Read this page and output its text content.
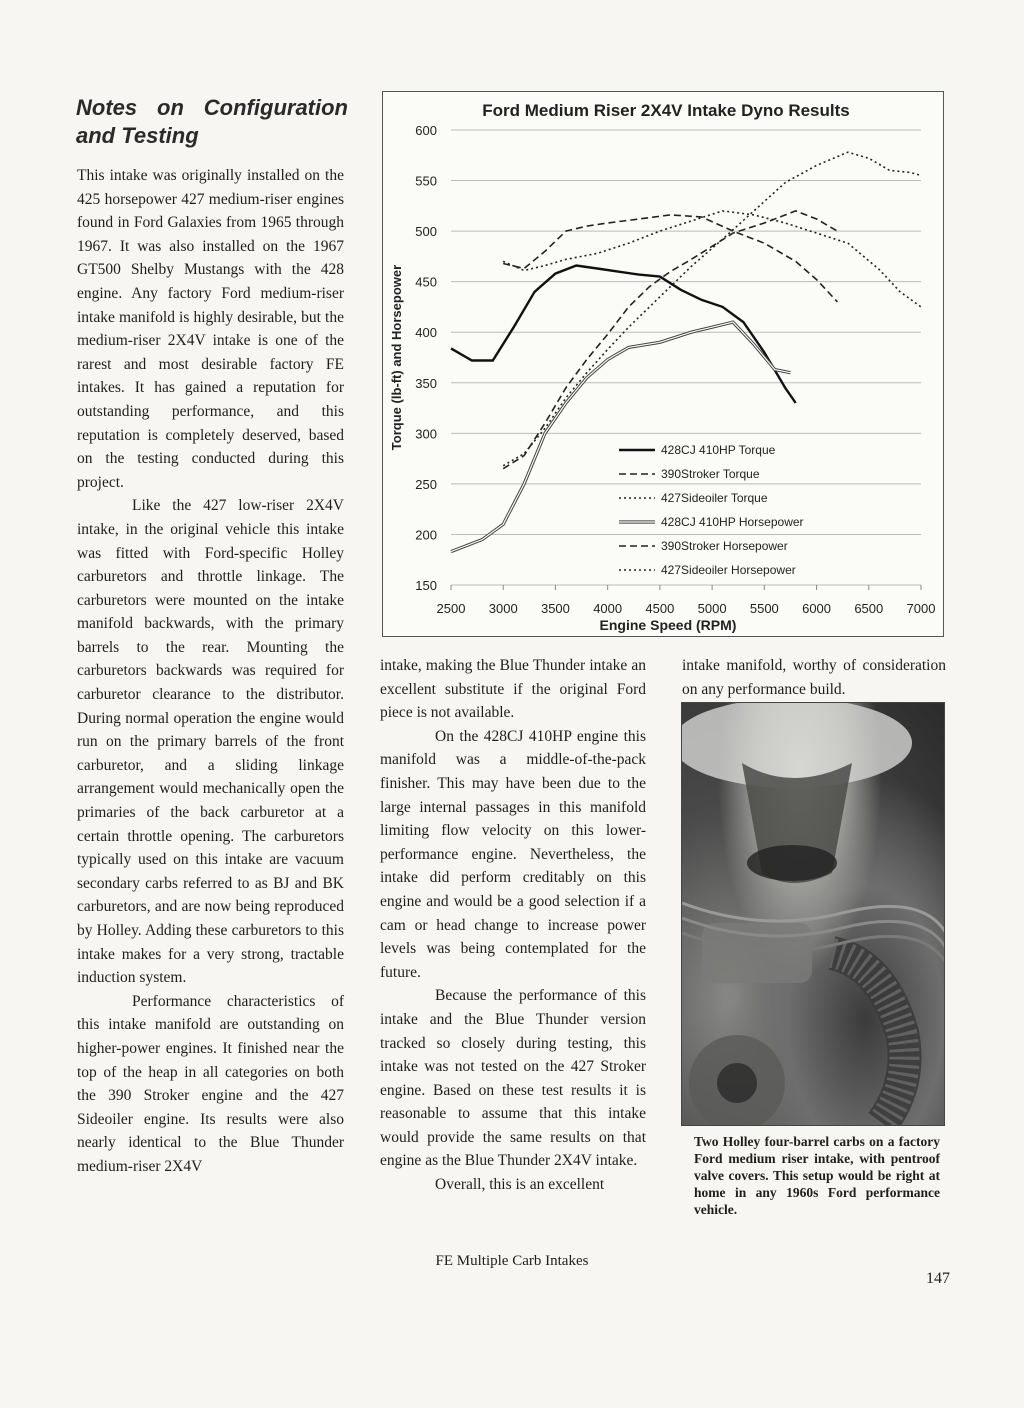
Notes on Configuration
and Testing

This intake was originally installed on the 425 horsepower 427 medium-riser engines found in Ford Galaxies from 1965 through 1967. It was also installed on the 1967 GT500 Shelby Mustangs with the 428 engine. Any factory Ford medium-riser intake manifold is highly desirable, but the medium-riser 2X4V intake is one of the rarest and most desirable factory FE intakes. It has gained a reputation for outstanding performance, and this reputation is completely deserved, based on the testing conducted during this project.

Like the 427 low-riser 2X4V intake, in the original vehicle this intake was fitted with Ford-specific Holley carburetors and throttle linkage. The carburetors were mounted on the intake manifold backwards, with the primary barrels to the rear. Mounting the carburetors backwards was required for carburetor clearance to the distributor. During normal operation the engine would run on the primary barrels of the front carburetor, and a sliding linkage arrangement would mechanically open the primaries of the back carburetor at a certain throttle opening. The carburetors typically used on this intake are vacuum secondary carbs referred to as BJ and BK carburetors, and are now being reproduced by Holley. Adding these carburetors to this intake makes for a very strong, tractable induction system.

Performance characteristics of this intake manifold are outstanding on higher-power engines. It finished near the top of the heap in all categories on both the 390 Stroker engine and the 427 Sideoiler engine. Its results were also nearly identical to the Blue Thunder medium-riser 2X4V

Ford Medium Riser 2X4V Intake Dyno Results
150
200
250
300
350
400
450
500
550
600
2500 3000 3500 4000 4500 5000 5500 6000 6500 7000
Engine Speed (RPM)
Torque (lb-ft) and Horsepower	428CJ 410HP Torque
390Stroker Torque
427Sideoiler Torque
428CJ 410HP Horsepower
390Stroker Horsepower
427Sideoiler Horsepower

intake, making the Blue Thunder intake an excellent substitute if the original Ford piece is not available.

On the 428CJ 410HP engine this manifold was a middle-of-the-pack finisher. This may have been due to the large internal passages in this manifold limiting flow velocity on this lower-performance engine. Nevertheless, the intake did perform creditably on this engine and would be a good selection if a cam or head change to increase power levels was being contemplated for the future.

Because the performance of this intake and the Blue Thunder version tracked so closely during testing, this intake was not tested on the 427 Stroker engine. Based on these test results it is reasonable to assume that this intake would provide the same results on that engine as the Blue Thunder 2X4V intake.

Overall, this is an excellent

intake manifold, worthy of consideration on any performance build.

Two Holley four-barrel carbs on a factory Ford medium riser intake, with pentroof valve covers. This setup would be right at home in any 1960s Ford performance vehicle.
FE Multiple Carb Intakes
147
